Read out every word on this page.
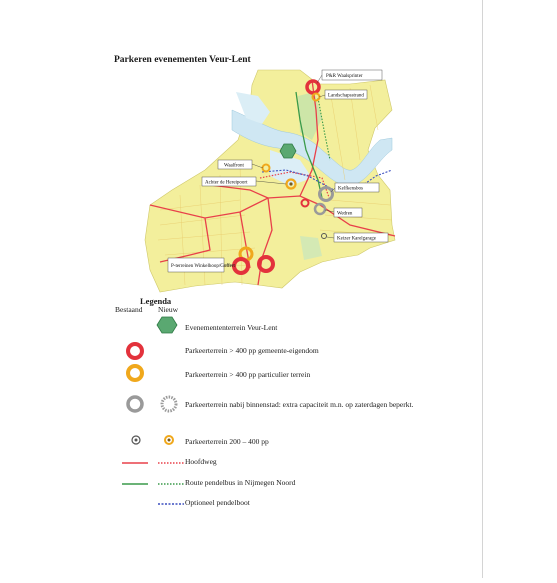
Parkeren evenementen Veur-Lent
P&R Waalsprinter
Landschapsstrand
Waalfront
Achter de Hereipoort
Kelfkensbos
Wedren
Keizer Karelgarage
P-terreinen Winkelhoop/Goffert
Legenda
Bestaand Nieuw
Evenemententerrein Veur-Lent
Parkeerterrein > 400 pp gemeente-eigendom
Parkeerterrein > 400 pp particulier terrein
Parkeerterrein nabij binnenstad: extra capaciteit m.n. op zaterdagen beperkt.
Parkeerterrein 200 – 400 pp
Hoofdweg
Route pendelbus in Nijmegen Noord
Optioneel pendelboot
